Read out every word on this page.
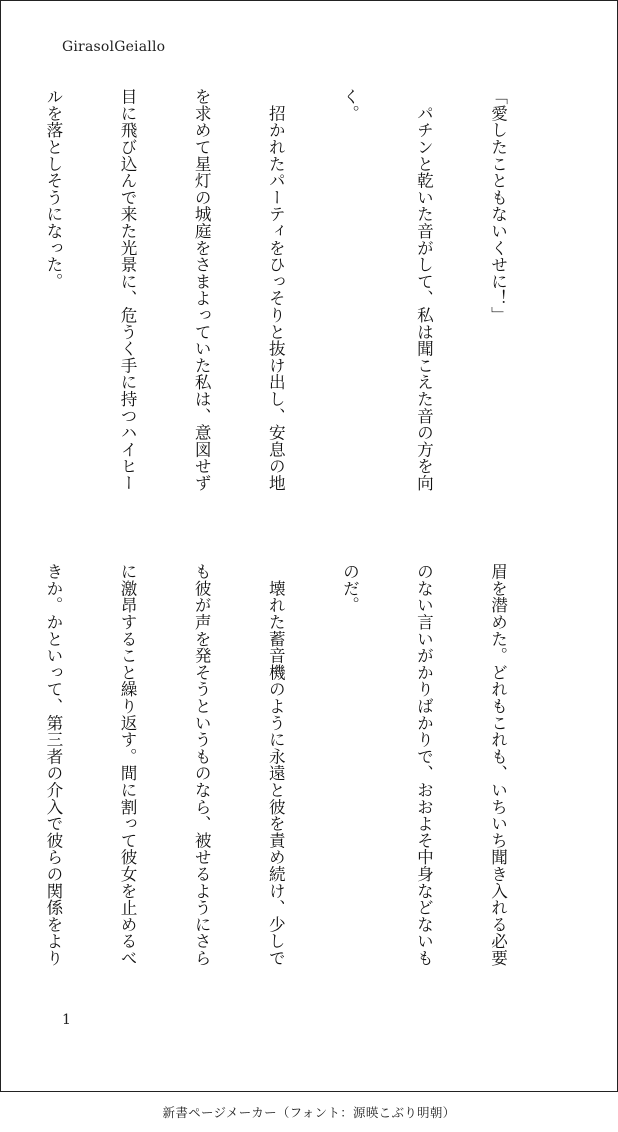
GirasolGeiallo

「愛したこともないくせに！」

　パチンと乾いた音がして、私は聞こえた音の方を向

く。

　招かれたパーティをひっそりと抜け出し、安息の地

を求めて星灯の城庭をさまよっていた私は、意図せず

目に飛び込んで来た光景に、危うく手に持つハイヒー

ルを落としそうになった。

眉を潜めた。どれもこれも、いちいち聞き入れる必要

のない言いがかりばかりで、おおよそ中身などないも

のだ。

　壊れた蓄音機のように永遠と彼を責め続け、少しで

も彼が声を発そうというものなら、被せるようにさら

に激昂すること繰り返す。間に割って彼女を止めるべ

きか。かといって、第三者の介入で彼らの関係をより

1
新書ページメーカー（フォント：源暎こぶり明朝）
